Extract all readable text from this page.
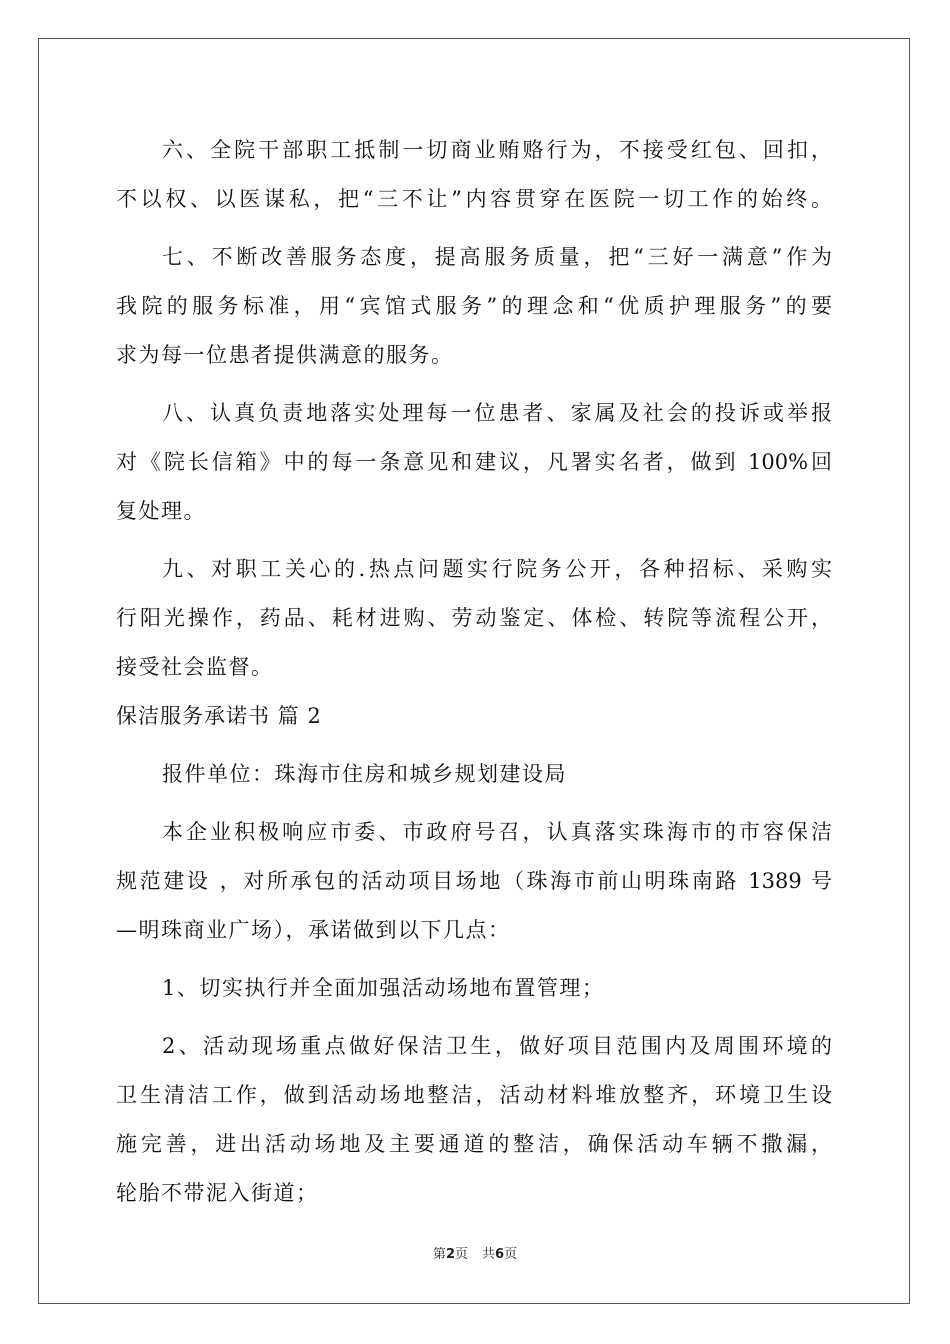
六、全院干部职工抵制一切商业贿赂行为，不接受红包、回扣，
不以权、以医谋私，把“三不让”内容贯穿在医院一切工作的始终。
七、不断改善服务态度，提高服务质量，把“三好一满意”作为
我院的服务标准，用“宾馆式服务”的理念和“优质护理服务”的要
求为每一位患者提供满意的服务。
八、认真负责地落实处理每一位患者、家属及社会的投诉或举报
对《院长信箱》中的每一条意见和建议，凡署实名者，做到 100%回
复处理。
九、对职工关心的.热点问题实行院务公开，各种招标、采购实
行阳光操作，药品、耗材进购、劳动鉴定、体检、转院等流程公开，
接受社会监督。
保洁服务承诺书 篇 2
报件单位：珠海市住房和城乡规划建设局
本企业积极响应市委、市政府号召，认真落实珠海市的市容保洁
规范建设 ，对所承包的活动项目场地（珠海市前山明珠南路 1389 号
—明珠商业广场），承诺做到以下几点：
1、切实执行并全面加强活动场地布置管理；
2、活动现场重点做好保洁卫生，做好项目范围内及周围环境的
卫生清洁工作，做到活动场地整洁，活动材料堆放整齐，环境卫生设
施完善，进出活动场地及主要通道的整洁，确保活动车辆不撒漏，
轮胎不带泥入街道；
第2页 共6页
